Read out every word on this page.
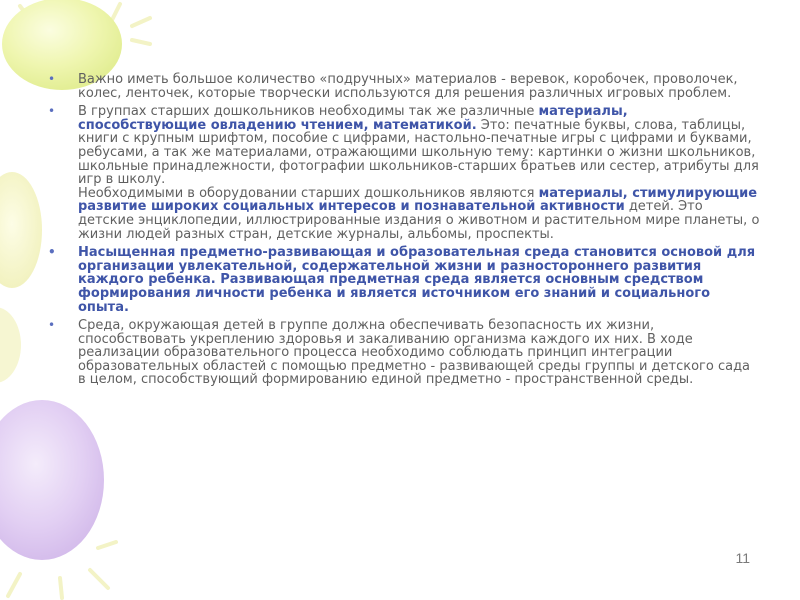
•	Важно иметь большое количество «подручных» материалов - веревок, коробочек, проволочек, колес, ленточек, которые творчески используются для решения различных игровых проблем.
•	В группах старших дошкольников необходимы так же различные материалы, способствующие овладению чтением, математикой. Это: печатные буквы, слова, таблицы, книги с крупным шрифтом, пособие с цифрами, настольно-печатные игры с цифрами и буквами, ребусами, а так же материалами, отражающими школьную тему: картинки о жизни школьников, школьные принадлежности, фотографии школьников-старших братьев или сестер, атрибуты для игр в школу.
Необходимыми в оборудовании старших дошкольников являются материалы, стимулирующие развитие широких социальных интересов и познавательной активности детей. Это детские энциклопедии, иллюстрированные издания о животном и растительном мире планеты, о жизни людей разных стран, детские журналы, альбомы, проспекты.
•	Насыщенная предметно-развивающая и образовательная среда становится основой для организации увлекательной, содержательной жизни и разностороннего развития каждого ребенка. Развивающая предметная среда является основным средством формирования личности ребенка и является источником его знаний и социального опыта.
•	Среда, окружающая детей в группе должна обеспечивать безопасность их жизни, способствовать укреплению здоровья и закаливанию организма каждого их них. В ходе реализации образовательного процесса необходимо соблюдать принцип интеграции образовательных областей с помощью предметно - развивающей среды группы и детского сада в целом, способствующий формированию единой предметно - пространственной среды.
11
